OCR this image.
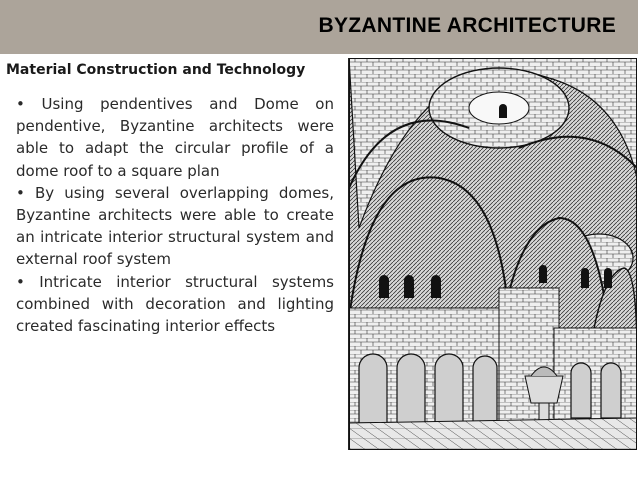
BYZANTINE ARCHITECTURE
Material Construction and Technology

• Using pendentives and Dome on pendentive, Byzantine architects were able to adapt the circular profile of a dome roof to a square plan

• By using several overlapping domes, Byzantine architects were able to create an intricate interior structural system and external roof system

• Intricate interior structural systems combined with decoration and lighting created fascinating interior effects
